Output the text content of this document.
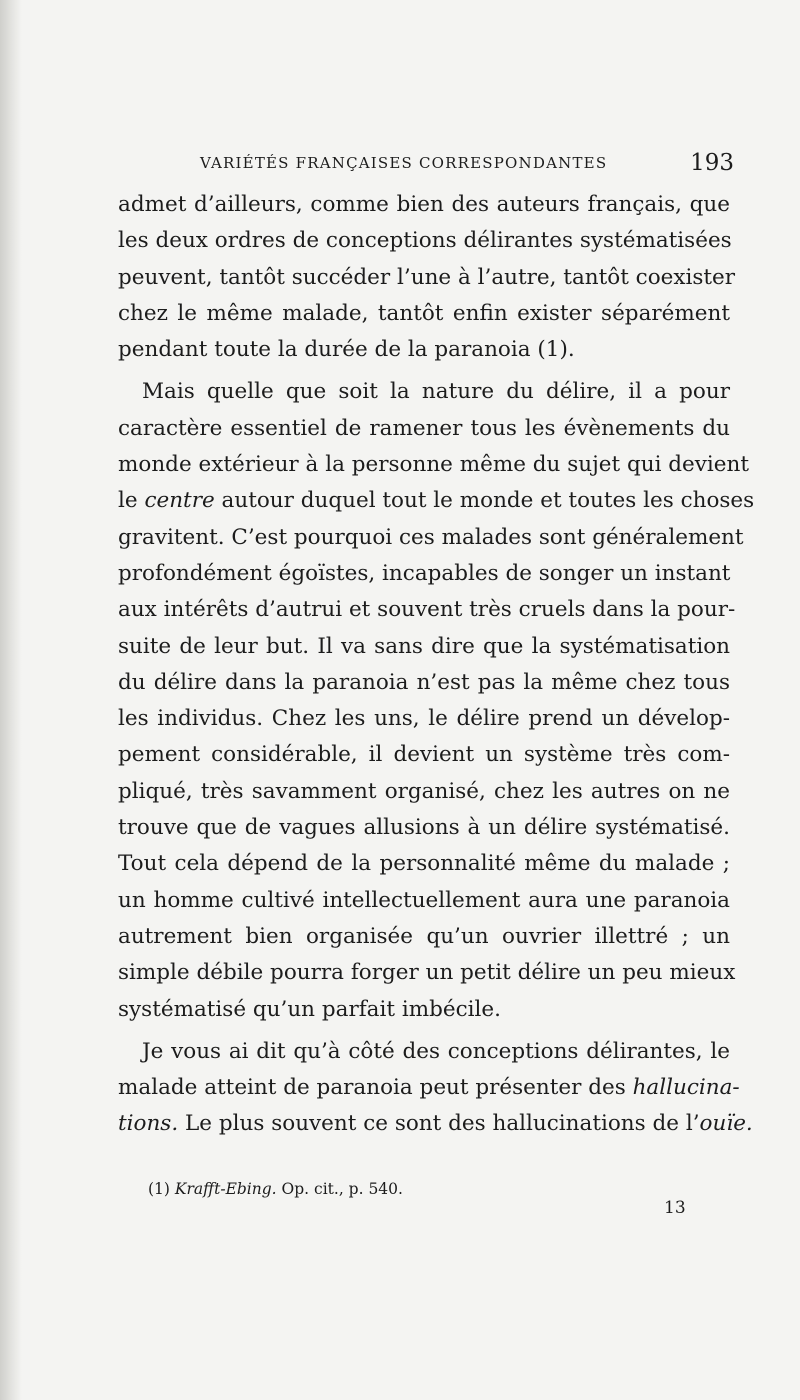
VARIÉTÉS FRANÇAISES CORRESPONDANTES	193
admet d’ailleurs, comme bien des auteurs français, que
les deux ordres de conceptions délirantes systématisées
peuvent, tantôt succéder l’une à l’autre, tantôt coexister
chez le même malade, tantôt enfin exister séparément
pendant toute la durée de la paranoia (1).
Mais quelle que soit la nature du délire, il a pour
caractère essentiel de ramener tous les évènements du
monde extérieur à la personne même du sujet qui devient
le centre autour duquel tout le monde et toutes les choses
gravitent. C’est pourquoi ces malades sont généralement
profondément égoïstes, incapables de songer un instant
aux intérêts d’autrui et souvent très cruels dans la pour-
suite de leur but. Il va sans dire que la systématisation
du délire dans la paranoia n’est pas la même chez tous
les individus. Chez les uns, le délire prend un dévelop-
pement considérable, il devient un système très com-
pliqué, très savamment organisé, chez les autres on ne
trouve que de vagues allusions à un délire systématisé.
Tout cela dépend de la personnalité même du malade ;
un homme cultivé intellectuellement aura une paranoia
autrement bien organisée qu’un ouvrier illettré ; un
simple débile pourra forger un petit délire un peu mieux
systématisé qu’un parfait imbécile.
Je vous ai dit qu’à côté des conceptions délirantes, le
malade atteint de paranoia peut présenter des hallucina-
tions. Le plus souvent ce sont des hallucinations de l’ouïe.
(1) Krafft-Ebing. Op. cit., p. 540.
13
